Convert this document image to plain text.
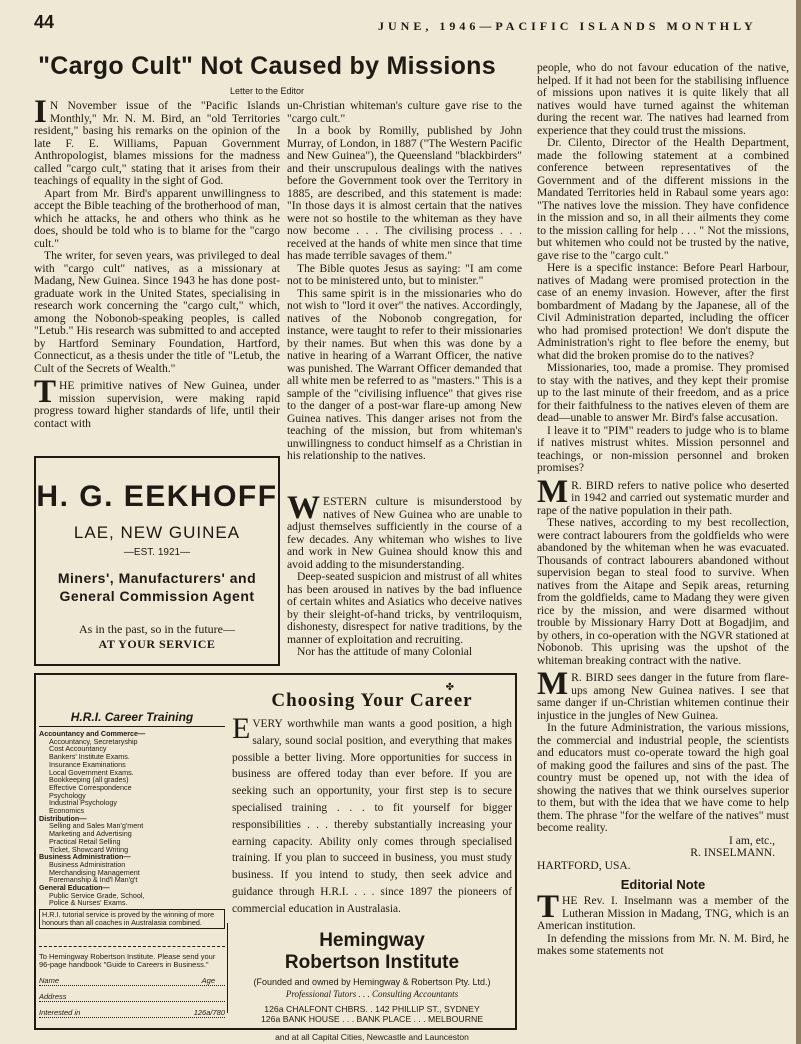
44	JUNE, 1946—PACIFIC ISLANDS MONTHLY
"Cargo Cult" Not Caused by Missions
Letter to the Editor

IN November issue of the "Pacific Islands Monthly," Mr. N. M. Bird, an "old Territories resident," basing his remarks on the opinion of the late F. E. Williams, Papuan Government Anthropologist, blames missions for the madness called "cargo cult," stating that it arises from their teachings of equality in the sight of God.

Apart from Mr. Bird's apparent unwillingness to accept the Bible teaching of the brotherhood of man, which he attacks, he and others who think as he does, should be told who is to blame for the "cargo cult."

The writer, for seven years, was privileged to deal with "cargo cult" natives, as a missionary at Madang, New Guinea. Since 1943 he has done post-graduate work in the United States, specialising in research work concerning the "cargo cult," which, among the Nobonob-speaking peoples, is called "Letub." His research was submitted to and accepted by Hartford Seminary Foundation, Hartford, Connecticut, as a thesis under the title of "Letub, the Cult of the Secrets of Wealth."

THE primitive natives of New Guinea, under mission supervision, were making rapid progress toward higher standards of life, until their contact with

H. G. EEKHOFF
LAE, NEW GUINEA
—EST. 1921—
Miners', Manufacturers' and
General Commission Agent
As in the past, so in the future—
AT YOUR SERVICE

un-Christian whiteman's culture gave rise to the "cargo cult."

In a book by Romilly, published by John Murray, of London, in 1887 ("The Western Pacific and New Guinea"), the Queensland "blackbirders" and their unscrupulous dealings with the natives before the Government took over the Territory in 1885, are described, and this statement is made: "In those days it is almost certain that the natives were not so hostile to the whiteman as they have now become . . . The civilising process . . . received at the hands of white men since that time has made terrible savages of them."

The Bible quotes Jesus as saying: "I am come not to be ministered unto, but to minister."

This same spirit is in the missionaries who do not wish to "lord it over" the natives. Accordingly, natives of the Nobonob congregation, for instance, were taught to refer to their missionaries by their names. But when this was done by a native in hearing of a Warrant Officer, the native was punished. The Warrant Officer demanded that all white men be referred to as "masters." This is a sample of the "civilising influence" that gives rise to the danger of a post-war flare-up among New Guinea natives. This danger arises not from the teaching of the mission, but from whiteman's unwillingness to conduct himself as a Christian in his relationship to the natives.

WESTERN culture is misunderstood by natives of New Guinea who are unable to adjust themselves sufficiently in the course of a few decades. Any whiteman who wishes to live and work in New Guinea should know this and avoid adding to the misunderstanding.

Deep-seated suspicion and mistrust of all whites has been aroused in natives by the bad influence of certain whites and Asiatics who deceive natives by their sleight-of-hand tricks, by ventriloquism, dishonesty, disrespect for native traditions, by the manner of exploitation and recruiting.

Nor has the attitude of many Colonial

people, who do not favour education of the native, helped. If it had not been for the stabilising influence of missions upon natives it is quite likely that all natives would have turned against the whiteman during the recent war. The natives had learned from experience that they could trust the missions.

Dr. Cilento, Director of the Health Department, made the following statement at a combined conference between representatives of the Government and of the different missions in the Mandated Territories held in Rabaul some years ago: "The natives love the mission. They have confidence in the mission and so, in all their ailments they come to the mission calling for help . . . " Not the missions, but whitemen who could not be trusted by the native, gave rise to the "cargo cult."

Here is a specific instance: Before Pearl Harbour, natives of Madang were promised protection in the case of an enemy invasion. However, after the first bombardment of Madang by the Japanese, all of the Civil Administration departed, including the officer who had promised protection! We don't dispute the Administration's right to flee before the enemy, but what did the broken promise do to the natives?

Missionaries, too, made a promise. They promised to stay with the natives, and they kept their promise up to the last minute of their freedom, and as a price for their faithfulness to the natives eleven of them are dead—unable to answer Mr. Bird's false accusation.

I leave it to "PIM" readers to judge who is to blame if natives mistrust whites. Mission personnel and teachings, or non-mission personnel and broken promises?

MR. BIRD refers to native police who deserted in 1942 and carried out systematic murder and rape of the native population in their path.

These natives, according to my best recollection, were contract labourers from the goldfields who were abandoned by the whiteman when he was evacuated. Thousands of contract labourers abandoned without supervision began to steal food to survive. When natives from the Aitape and Sepik areas, returning from the goldfields, came to Madang they were given rice by the mission, and were disarmed without trouble by Missionary Harry Dott at Bogadjim, and by others, in co-operation with the NGVR stationed at Nobonob. This uprising was the upshot of the whiteman breaking contract with the native.

MR. BIRD sees danger in the future from flare-ups among New Guinea natives. I see that same danger if un-Christian whitemen continue their injustice in the jungles of New Guinea.

In the future Administration, the various missions, the commercial and industrial people, the scientists and educators must co-operate toward the high goal of making good the failures and sins of the past. The country must be opened up, not with the idea of showing the natives that we think ourselves superior to them, but with the idea that we have come to help them. The phrase "for the welfare of the natives" must become reality.

I am, etc.,

R. INSELMANN.

HARTFORD, USA.

Editorial Note

THE Rev. I. Inselmann was a member of the Lutheran Mission in Madang, TNG, which is an American institution.

In defending the missions from Mr. N. M. Bird, he makes some statements not

H.R.I. Career Training
Accountancy and Commerce—
Accountancy, Secretaryship
Cost Accountancy
Bankers' Institute Exams.
Insurance Examinations
Local Government Exams.
Bookkeeping (all grades)
Effective Correspondence
Psychology
Industrial Psychology
Economics
Distribution—
Selling and Sales Man'g'ment
Marketing and Advertising
Practical Retail Selling
Ticket, Showcard Writing
Business Administration—
Business Administration
Merchandising Management
Foremanship & Ind'l Man'g't
General Education—
Public Service Grade, School,
Police & Nurses' Exams.
H.R.I. tutorial service is proved by the winning of more honours than all coaches in Australasia combined.
To Hemingway Robertson Institute. Please send your 96-page handbook "Guide to Careers in Business."
Name	Age
Address
Interested in	126a/780
✤
Choosing Your Career
EVERY worthwhile man wants a good position, a high salary, sound social position, and everything that makes possible a better living. More opportunities for success in business are offered today than ever before. If you are seeking such an opportunity, your first step is to secure specialised training . . . to fit yourself for bigger responsibilities . . . thereby substantially increasing your earning capacity. Ability only comes through specialised training. If you plan to succeed in business, you must study business. If you intend to study, then seek advice and guidance through H.R.I. . . . since 1897 the pioneers of commercial education in Australasia.
Hemingway
Robertson Institute
(Founded and owned by Hemingway & Robertson Pty. Ltd.)
Professional Tutors . . . Consulting Accountants
126a CHALFONT CHBRS. . 142 PHILLIP ST., SYDNEY
126a BANK HOUSE . . . BANK PLACE . . . MELBOURNE
and at all Capital Cities, Newcastle and Launceston
